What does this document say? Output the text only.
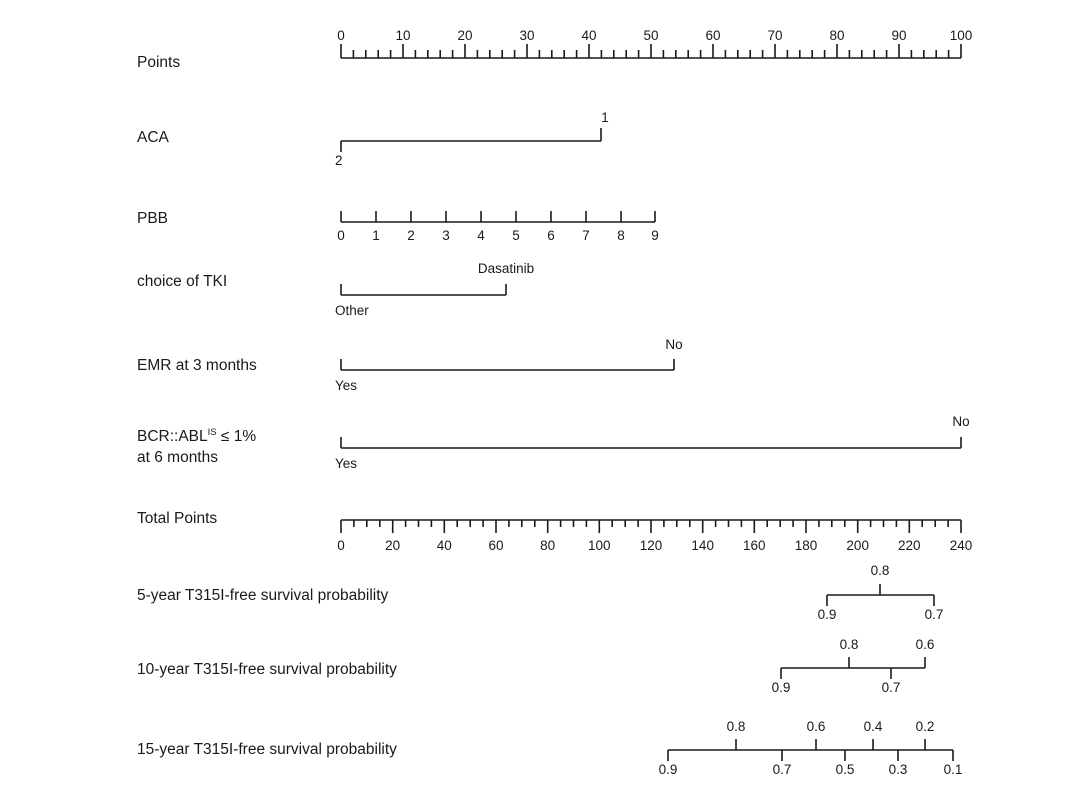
Points
ACA
PBB
choice of TKI
EMR at 3 months
$BCR::ABL^{IS} \le 1\%$
at 6 months
Total Points
5-year T315I-free survival probability
10-year T315I-free survival probability
15-year T315I-free survival probability
0	10	20	30	40	50	60	70	80	90	100
2
1
0	1	2	3	4	5	6	7	8	9
Other
Dasatinib
Yes
No
Yes
No
0	20	40	60	80	100	120	140	160	180	200	220	240
0.8
0.9	0.7
0.8	0.6
0.9	0.7
0.8	0.6	0.4	0.2
0.9	0.7	0.5	0.3	0.1
